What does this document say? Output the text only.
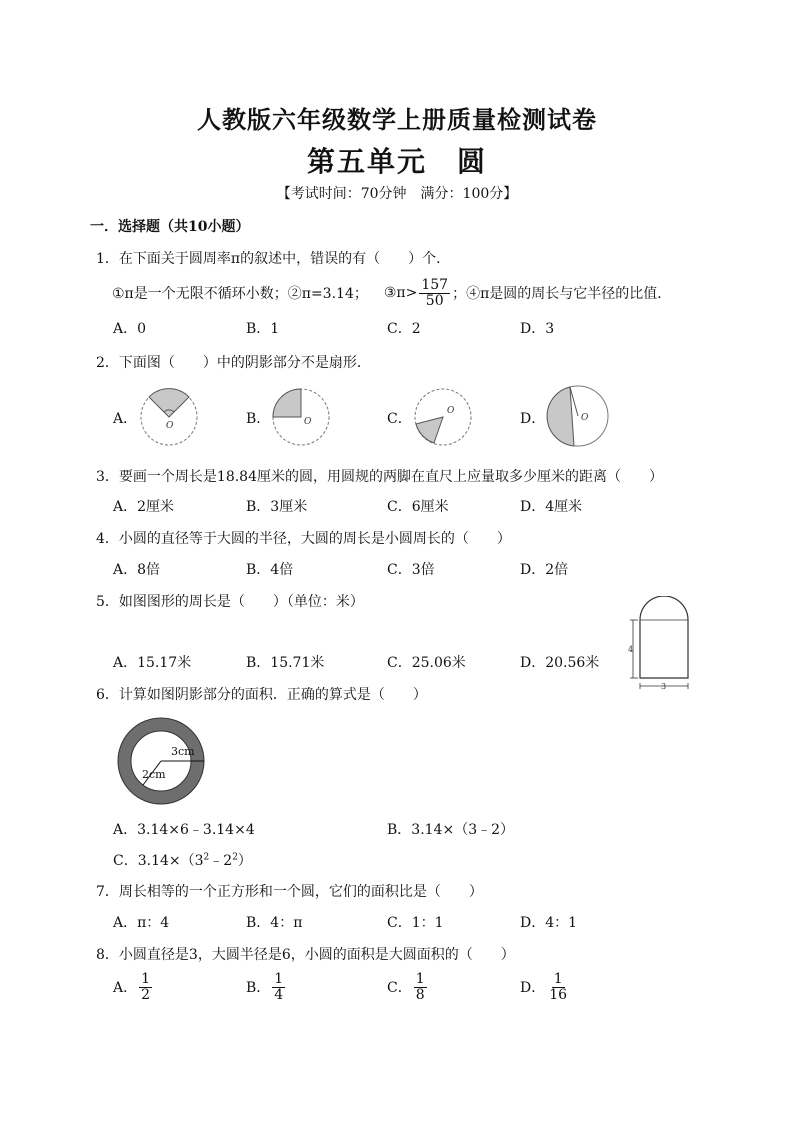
人教版六年级数学上册质量检测试卷
第五单元　圆
【考试时间：70分钟　满分：100分】
一．选择题（共10小题）
1．在下面关于圆周率π的叙述中，错误的有（　　）个．
①π是一个无限不循环小数；②π=3.14； ③π> $\frac{157}{50}$ ；④π是圆的周长与它半径的比值．
A．0	B．1	C．2	D．3
2．下面图（　　）中的阴影部分不是扇形．
A．	B．	C．	D．
O	O
O
O
3．要画一个周长是18.84厘米的圆，用圆规的两脚在直尺上应量取多少厘米的距离（　　）
A．2厘米	B．3厘米	C．6厘米	D．4厘米
4．小圆的直径等于大圆的半径，大圆的周长是小圆周长的（　　）
A．8倍	B．4倍	C．3倍	D．2倍
5．如图图形的周长是（　　）（单位：米）
A．15.17米	B．15.71米	C．25.06米	D．20.56米
4
3
6．计算如图阴影部分的面积．正确的算式是（　　）
3cm
2cm
A．3.14×6﹣3.14×4	B．3.14×（3﹣2）
C．$3.14\times(3^2﹣2^2)$
7．周长相等的一个正方形和一个圆，它们的面积比是（　　）
A．π：4	B．4：π	C．1：1	D．4：1
8．小圆直径是3，大圆半径是6，小圆的面积是大圆面积的（　　）
A． $\frac{1}{2}$	B． $\frac{1}{4}$	C． $\frac{1}{8}$	D． $\frac{1}{16}$
